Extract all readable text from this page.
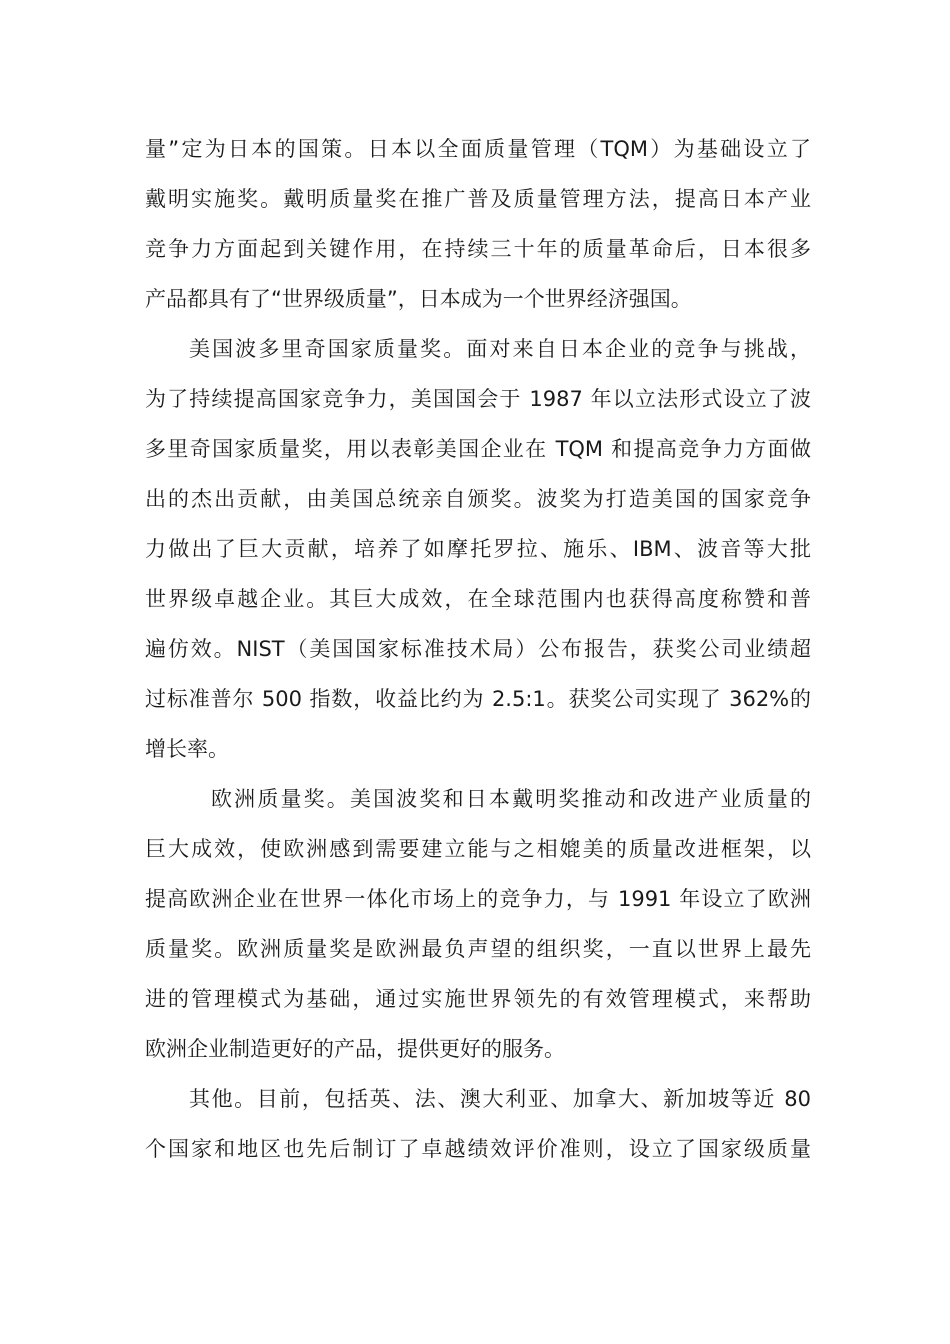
量”定为日本的国策。日本以全面质量管理（TQM）为基础设立了
戴明实施奖。戴明质量奖在推广普及质量管理方法，提高日本产业
竞争力方面起到关键作用，在持续三十年的质量革命后，日本很多
产品都具有了“世界级质量”，日本成为一个世界经济强国。
美国波多里奇国家质量奖。面对来自日本企业的竞争与挑战，
为了持续提高国家竞争力，美国国会于 1987 年以立法形式设立了波
多里奇国家质量奖，用以表彰美国企业在 TQM 和提高竞争力方面做
出的杰出贡献，由美国总统亲自颁奖。波奖为打造美国的国家竞争
力做出了巨大贡献，培养了如摩托罗拉、施乐、IBM、波音等大批
世界级卓越企业。其巨大成效，在全球范围内也获得高度称赞和普
遍仿效。NIST（美国国家标准技术局）公布报告，获奖公司业绩超
过标准普尔 500 指数，收益比约为 2.5:1。获奖公司实现了 362%的
增长率。
欧洲质量奖。美国波奖和日本戴明奖推动和改进产业质量的
巨大成效，使欧洲感到需要建立能与之相媲美的质量改进框架，以
提高欧洲企业在世界一体化市场上的竞争力，与 1991 年设立了欧洲
质量奖。欧洲质量奖是欧洲最负声望的组织奖，一直以世界上最先
进的管理模式为基础，通过实施世界领先的有效管理模式，来帮助
欧洲企业制造更好的产品，提供更好的服务。
其他。目前，包括英、法、澳大利亚、加拿大、新加坡等近 80
个国家和地区也先后制订了卓越绩效评价准则，设立了国家级质量
